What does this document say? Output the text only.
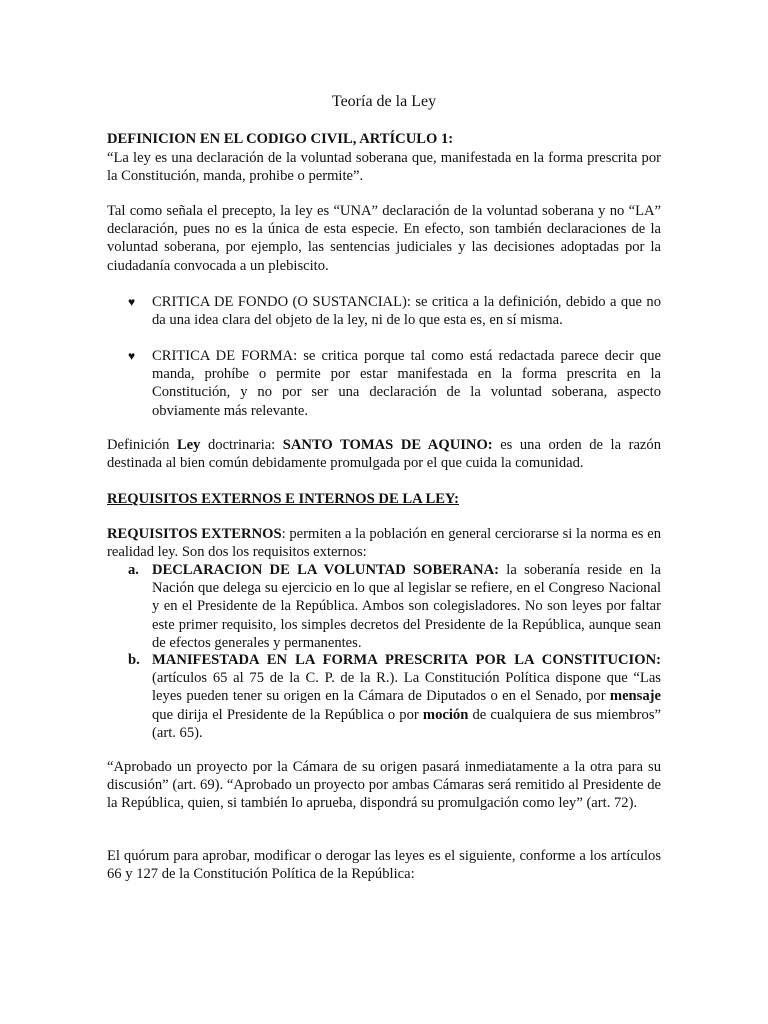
Teoría de la Ley
DEFINICION EN EL CODIGO CIVIL, ARTÍCULO 1:
“La ley es una declaración de la voluntad soberana que, manifestada en la forma prescrita por la Constitución, manda, prohibe o permite”.
Tal como señala el precepto, la ley es “UNA” declaración de la voluntad soberana y no “LA” declaración, pues no es la única de esta especie. En efecto, son también declaraciones de la voluntad soberana, por ejemplo, las sentencias judiciales y las decisiones adoptadas por la ciudadanía convocada a un plebiscito.
♥	CRITICA DE FONDO (O SUSTANCIAL): se critica a la definición, debido a que no da una idea clara del objeto de la ley, ni de lo que esta es, en sí misma.
♥	CRITICA DE FORMA: se critica porque tal como está redactada parece decir que manda, prohíbe o permite por estar manifestada en la forma prescrita en la Constitución, y no por ser una declaración de la voluntad soberana, aspecto obviamente más relevante.
Definición Ley doctrinaria: SANTO TOMAS DE AQUINO: es una orden de la razón destinada al bien común debidamente promulgada por el que cuida la comunidad.
REQUISITOS EXTERNOS E INTERNOS DE LA LEY:
REQUISITOS EXTERNOS: permiten a la población en general cerciorarse si la norma es en realidad ley. Son dos los requisitos externos:
a. DECLARACION DE LA VOLUNTAD SOBERANA: la soberanía reside en la Nación que delega su ejercicio en lo que al legislar se refiere, en el Congreso Nacional y en el Presidente de la República. Ambos son colegisladores. No son leyes por faltar este primer requisito, los simples decretos del Presidente de la República, aunque sean de efectos generales y permanentes.
b. MANIFESTADA EN LA FORMA PRESCRITA POR LA CONSTITUCION: (artículos 65 al 75 de la C. P. de la R.). La Constitución Política dispone que “Las leyes pueden tener su origen en la Cámara de Diputados o en el Senado, por mensaje que dirija el Presidente de la República o por moción de cualquiera de sus miembros” (art. 65).
“Aprobado un proyecto por la Cámara de su origen pasará inmediatamente a la otra para su discusión” (art. 69). “Aprobado un proyecto por ambas Cámaras será remitido al Presidente de la República, quien, si también lo aprueba, dispondrá su promulgación como ley” (art. 72).
El quórum para aprobar, modificar o derogar las leyes es el siguiente, conforme a los artículos 66 y 127 de la Constitución Política de la República:
